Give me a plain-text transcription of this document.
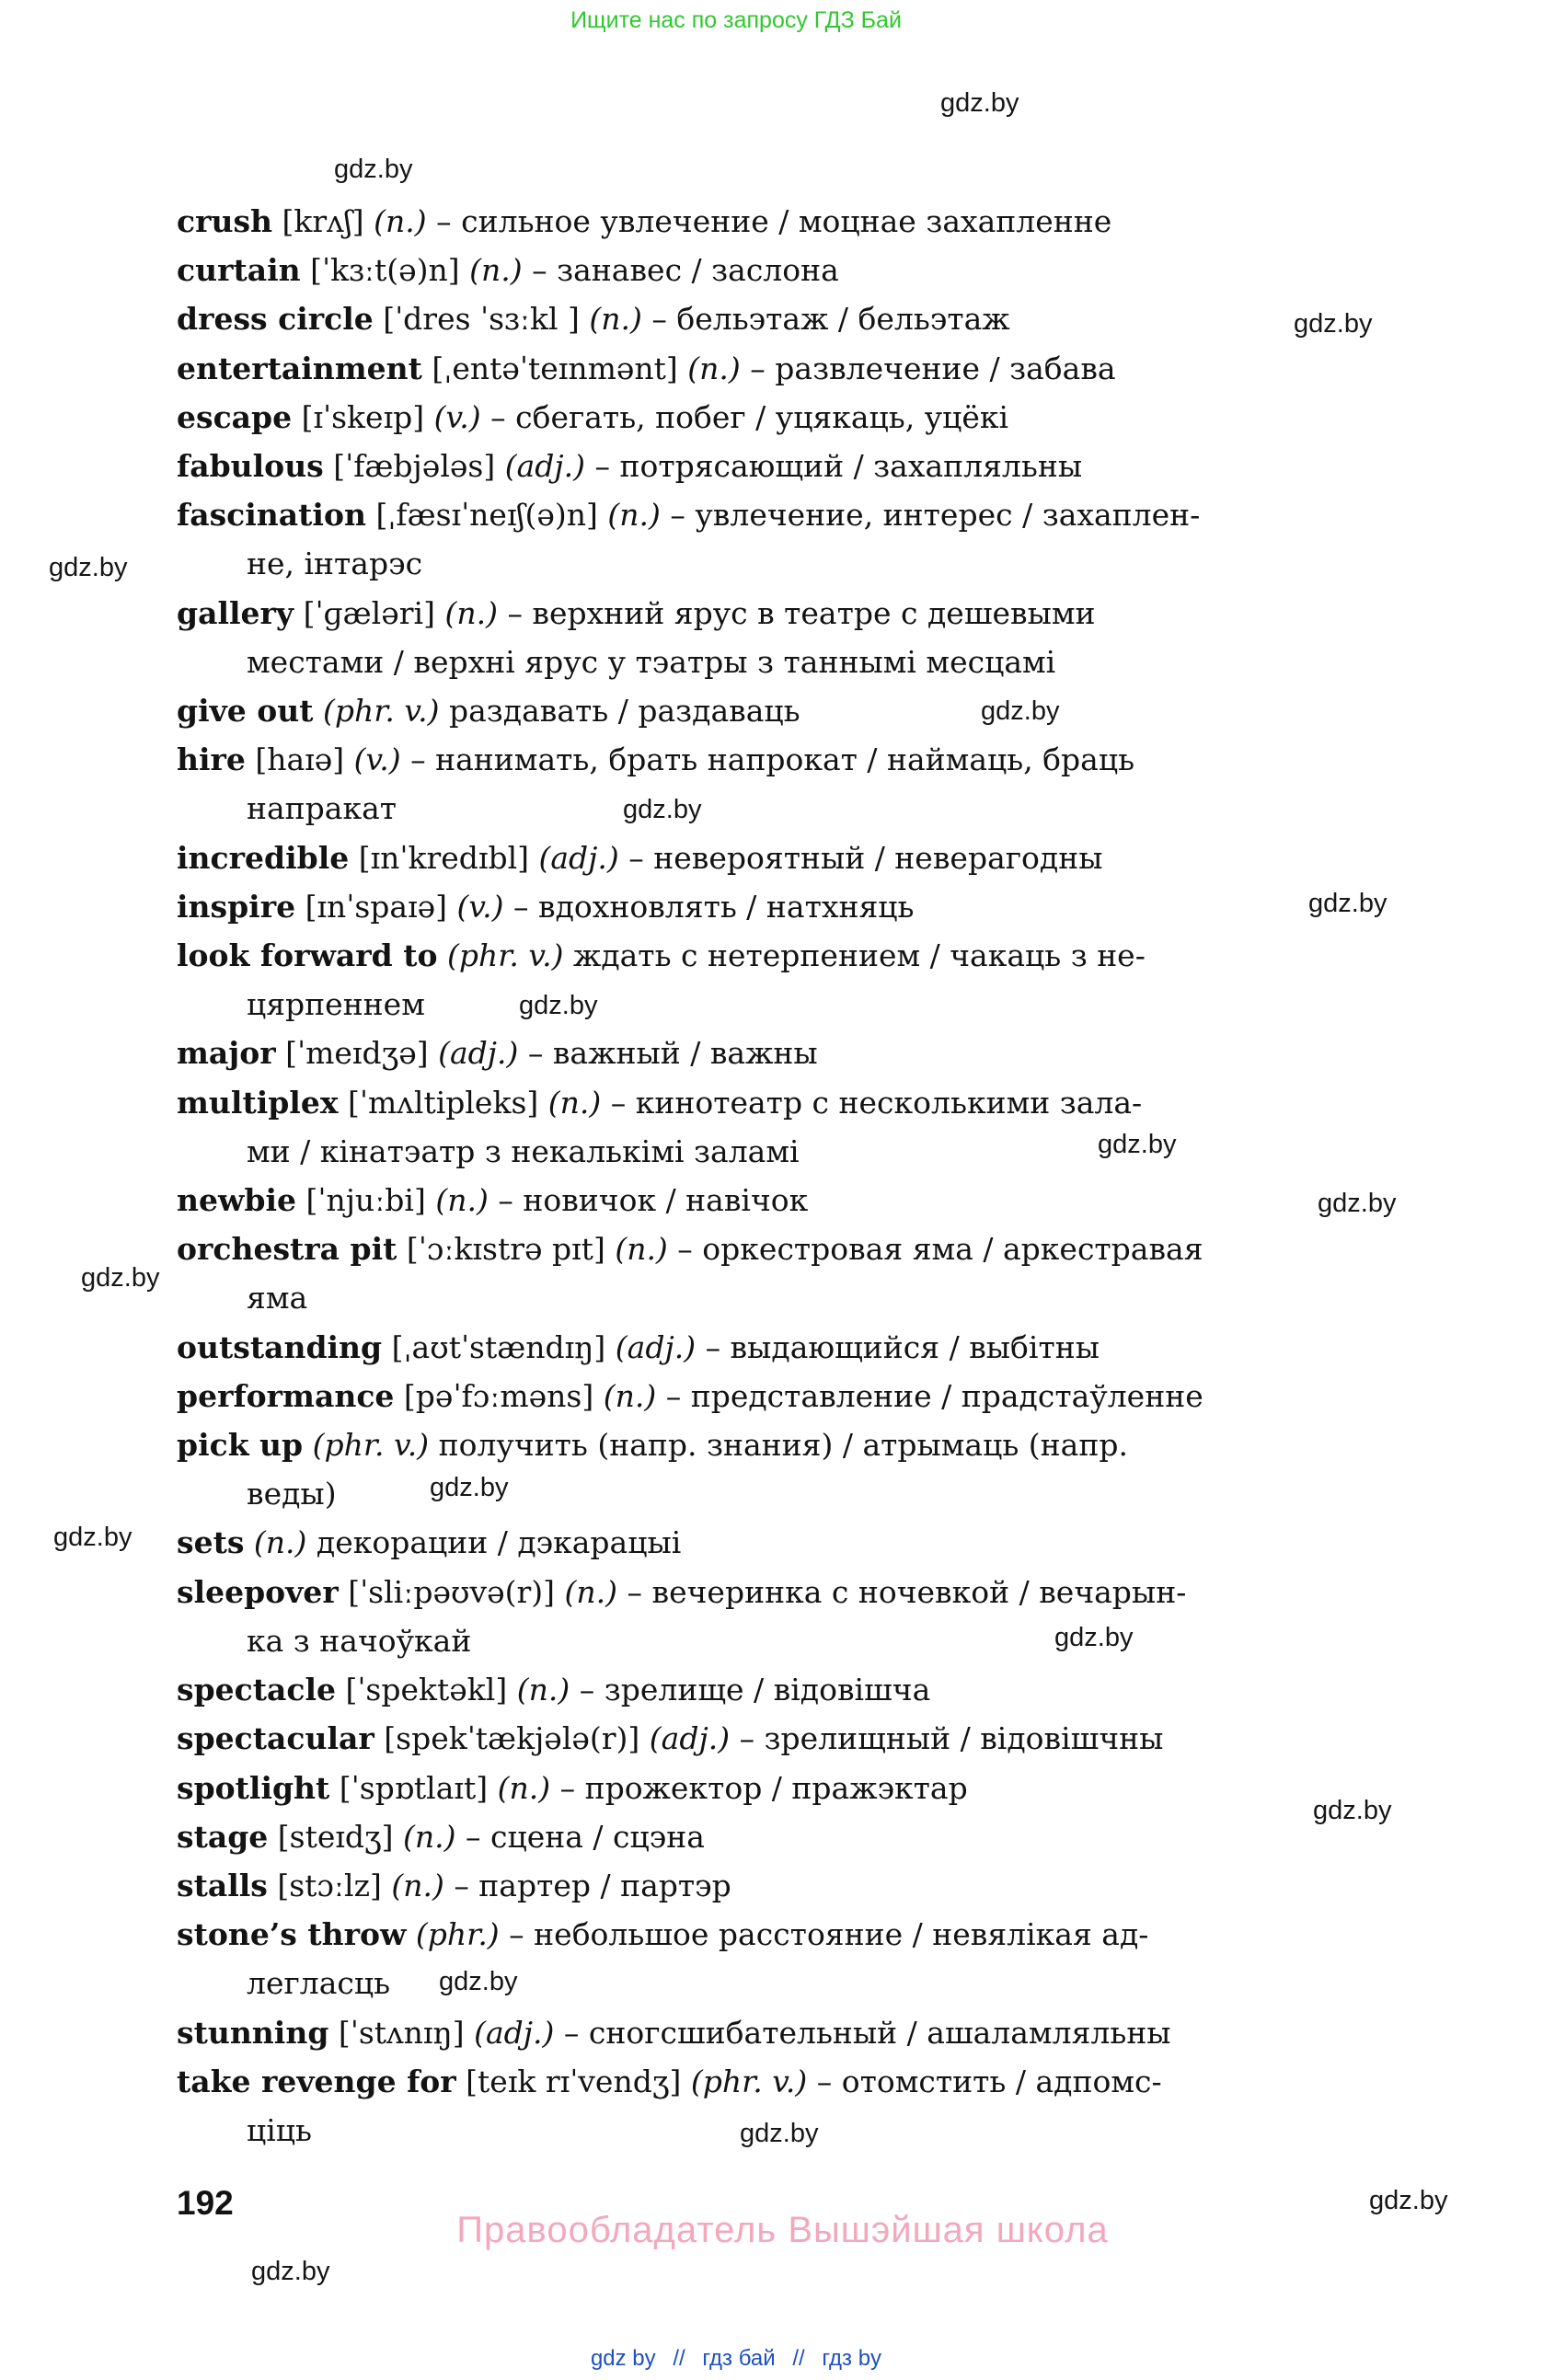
Ищите нас по запросу ГДЗ Бай
gdz.by
gdz.by
gdz.by
gdz.by
gdz.by
gdz.by
gdz.by
gdz.by
gdz.by
gdz.by
gdz.by
gdz.by
gdz.by
gdz.by
gdz.by
gdz.by
gdz.by
gdz.by
gdz.by
crush [krʌʃ] (n.) – сильное увлечение / моцнае захапленне
curtain [ˈkɜːt(ə)n] (n.) – занавес / заслона
dress circle [ˈdres ˈsɜːkl ] (n.) – бельэтаж / бельэтаж
entertainment [ˌentəˈteɪnmənt] (n.) – развлечение / забава
escape [ɪˈskeɪp] (v.) – сбегать, побег / уцякаць, уцёкі
fabulous [ˈfæbjələs] (adj.) – потрясающий / захапляльны
fascination [ˌfæsɪˈneɪʃ(ə)n] (n.) – увлечение, интерес / захаплен-
не, інтарэс
gallery [ˈɡæləri] (n.) – верхний ярус в театре с дешевыми
местами / верхні ярус у тэатры з таннымі месцамі
give out (phr. v.) раздавать / раздаваць
hire [haɪə] (v.) – нанимать, брать напрокат / наймаць, браць
напракат
incredible [ɪnˈkredɪbl] (adj.) – невероятный / неверагодны
inspire [ɪnˈspaɪə] (v.) – вдохновлять / натхняць
look forward to (phr. v.) ждать с нетерпением / чакаць з не-
цярпеннем
major [ˈmeɪdʒə] (adj.) – важный / важны
multiplex [ˈmʌltipleks] (n.) – кинотеатр с несколькими зала-
ми / кінатэатр з некалькімі заламі
newbie [ˈnjuːbi] (n.) – новичок / навічок
orchestra pit [ˈɔːkɪstrə pɪt] (n.) – оркестровая яма / аркестравая
яма
outstanding [ˌaʊtˈstændɪŋ] (adj.) – выдающийся / выбітны
performance [pəˈfɔːməns] (n.) – представление / прадстаўленне
pick up (phr. v.) получить (напр. знания) / атрымаць (напр.
веды)
sets (n.) декорации / дэкарацыі
sleepover [ˈsliːpəʊvə(r)] (n.) – вечеринка с ночевкой / вечарын-
ка з начоўкай
spectacle [ˈspektəkl] (n.) – зрелище / відовішча
spectacular [spekˈtækjələ(r)] (adj.) – зрелищный / відовішчны
spotlight [ˈspɒtlaɪt] (n.) – прожектор / пражэктар
stage [steɪdʒ] (n.) – сцена / сцэна
stalls [stɔːlz] (n.) – партер / партэр
stone’s throw (phr.) – небольшое расстояние / невялікая ад-
легласць
stunning [ˈstʌnɪŋ] (adj.) – сногсшибательный / ашаламляльны
take revenge for [teɪk rɪˈvendʒ] (phr. v.) – отомстить / адпомс-
ціць
192
Правообладатель Вышэйшая школа
gdz by // гдз бай // гдз by
